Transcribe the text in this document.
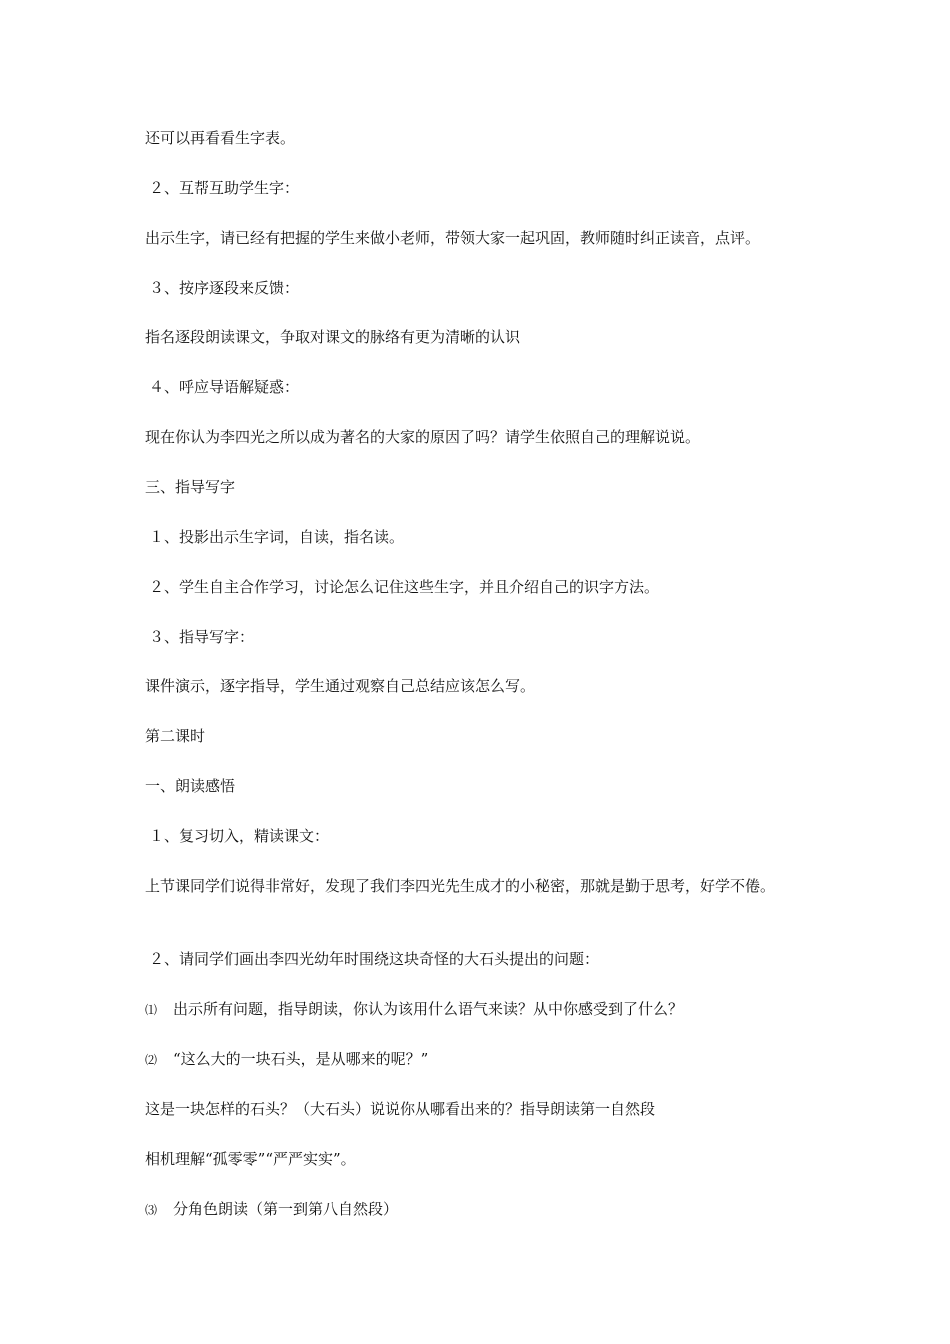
还可以再看看生字表。
２、互帮互助学生字：
出示生字，请已经有把握的学生来做小老师，带领大家一起巩固，教师随时纠正读音，点评。
３、按序逐段来反馈：
指名逐段朗读课文，争取对课文的脉络有更为清晰的认识
４、呼应导语解疑惑：
现在你认为李四光之所以成为著名的大家的原因了吗？请学生依照自己的理解说说。
三、指导写字
１、投影出示生字词，自读，指名读。
２、学生自主合作学习，讨论怎么记住这些生字，并且介绍自己的识字方法。
３、指导写字：
课件演示，逐字指导，学生通过观察自己总结应该怎么写。
第二课时
一、朗读感悟
１、复习切入，精读课文：
上节课同学们说得非常好，发现了我们李四光先生成才的小秘密，那就是勤于思考，好学不倦。
２、请同学们画出李四光幼年时围绕这块奇怪的大石头提出的问题：
⑴ 出示所有问题，指导朗读，你认为该用什么语气来读？从中你感受到了什么？
⑵ “这么大的一块石头，是从哪来的呢？”
这是一块怎样的石头？（大石头）说说你从哪看出来的？指导朗读第一自然段
相机理解“孤零零”“严严实实”。
⑶ 分角色朗读（第一到第八自然段）
